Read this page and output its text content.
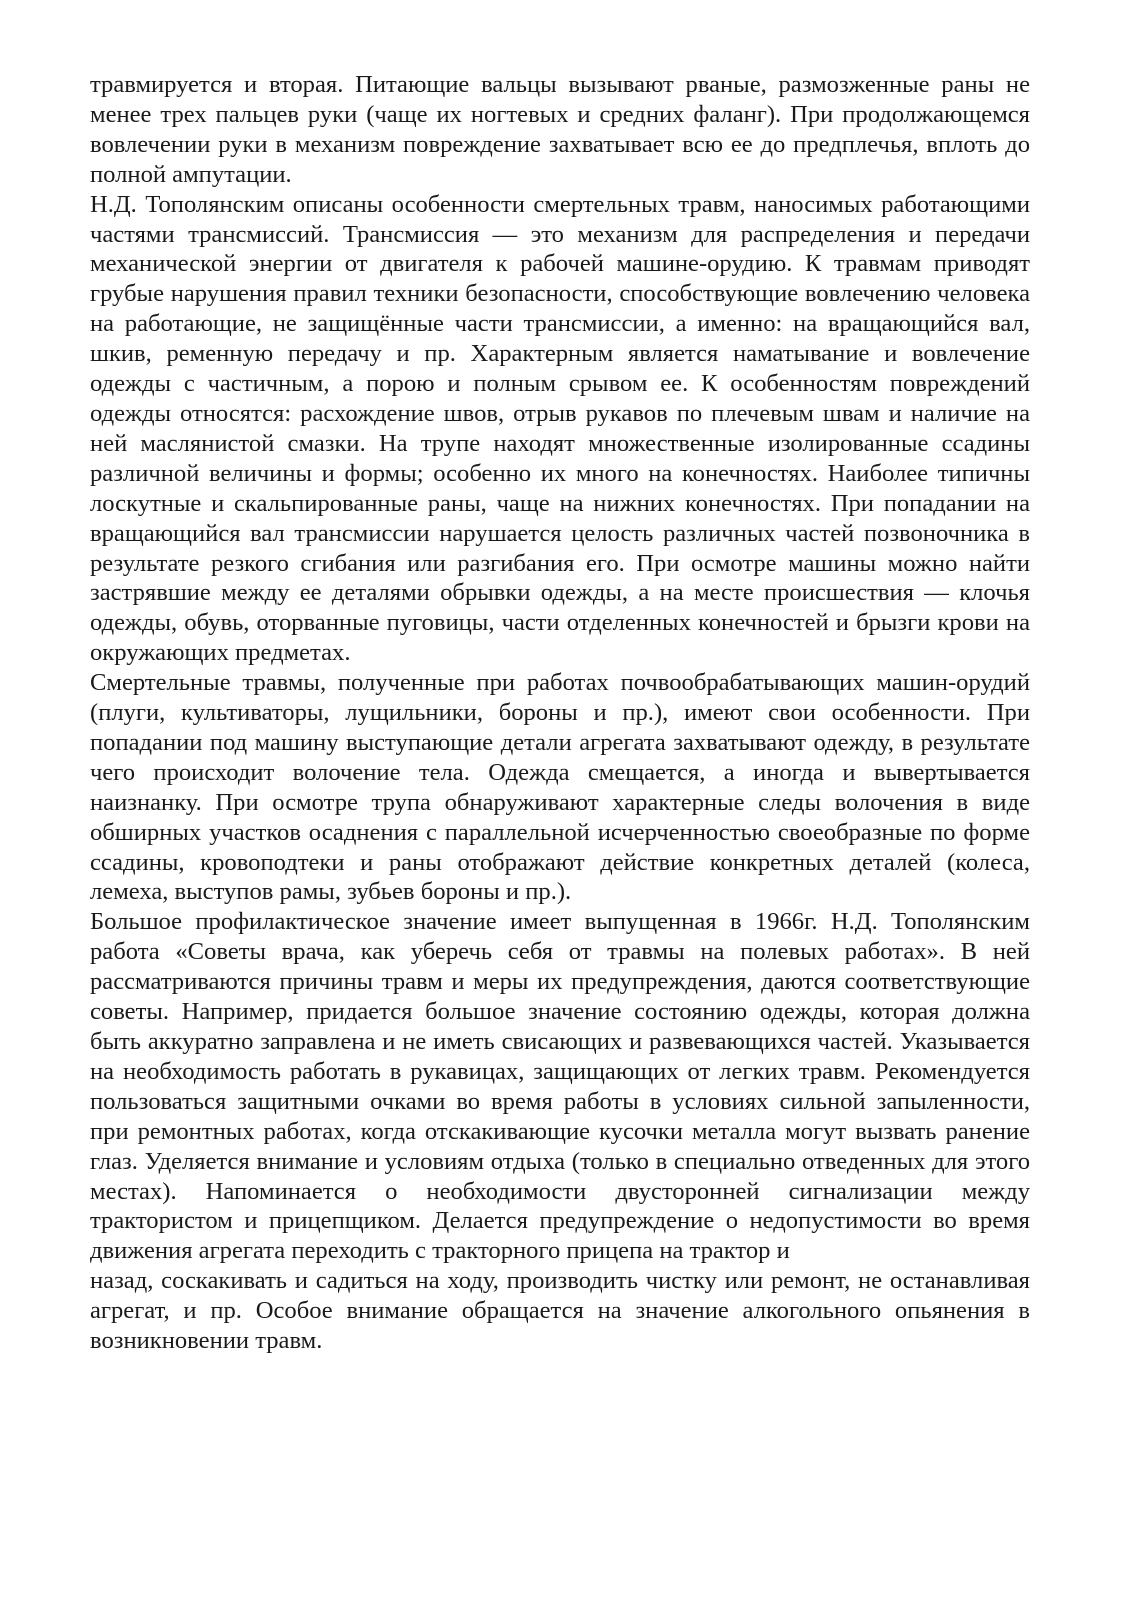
травмируется и вторая. Питающие вальцы вызывают рваные, размозженные раны не менее трех пальцев руки (чаще их ногтевых и средних фаланг). При продолжающемся вовлечении руки в механизм повреждение захватывает всю ее до предплечья, вплоть до полной ампутации.

Н.Д. Тополянским описаны особенности смертельных травм, наносимых работающими частями трансмиссий. Трансмиссия — это механизм для распределения и передачи механической энергии от двигателя к рабочей машине-орудию. К травмам приводят грубые нарушения правил техники безопасности, способствующие вовлечению человека на работающие, не защищённые части трансмиссии, а именно: на вращающийся вал, шкив, ременную передачу и пр. Характерным является наматывание и вовлечение одежды с частичным, а порою и полным срывом ее. К особенностям повреждений одежды относятся: расхождение швов, отрыв рукавов по плечевым швам и наличие на ней маслянистой смазки. На трупе находят множественные изолированные ссадины различной величины и формы; особенно их много на конечностях. Наиболее типичны лоскутные и скальпированные раны, чаще на нижних конечностях. При попадании на вращающийся вал трансмиссии нарушается целость различных частей позвоночника в результате резкого сгибания или разгибания его. При осмотре машины можно найти застрявшие между ее деталями обрывки одежды, а на месте происшествия — клочья одежды, обувь, оторванные пуговицы, части отделенных конечностей и брызги крови на окружающих предметах.

Смертельные травмы, полученные при работах почвообрабатывающих машин-орудий (плуги, культиваторы, лущильники, бороны и пр.), имеют свои особенности. При попадании под машину выступающие детали агрегата захватывают одежду, в результате чего происходит волочение тела. Одежда смещается, а иногда и вывертывается наизнанку. При осмотре трупа обнаруживают характерные следы волочения в виде обширных участков осаднения с параллельной исчерченностью своеобразные по форме ссадины, кровоподтеки и раны отображают действие конкретных деталей (колеса, лемеха, выступов рамы, зубьев бороны и пр.).

Большое профилактическое значение имеет выпущенная в 1966г. Н.Д. Тополянским работа «Советы врача, как уберечь себя от травмы на полевых работах». В ней рассматриваются причины травм и меры их предупреждения, даются соответствующие советы. Например, придается большое значение состоянию одежды, которая должна быть аккуратно заправлена и не иметь свисающих и развевающихся частей. Указывается на необходимость работать в рукавицах, защищающих от легких травм. Рекомендуется пользоваться защитными очками во время работы в условиях сильной запыленности, при ремонтных работах, когда отскакивающие кусочки металла могут вызвать ранение глаз. Уделяется внимание и условиям отдыха (только в специально отведенных для этого местах). Напоминается о необходимости двусторонней сигнализации между трактористом и прицепщиком. Делается предупреждение о недопустимости во время движения агрегата переходить с тракторного прицепа на трактор и

назад, соскакивать и садиться на ходу, производить чистку или ремонт, не останавливая агрегат, и пр. Особое внимание обращается на значение алкогольного опьянения в возникновении травм.
